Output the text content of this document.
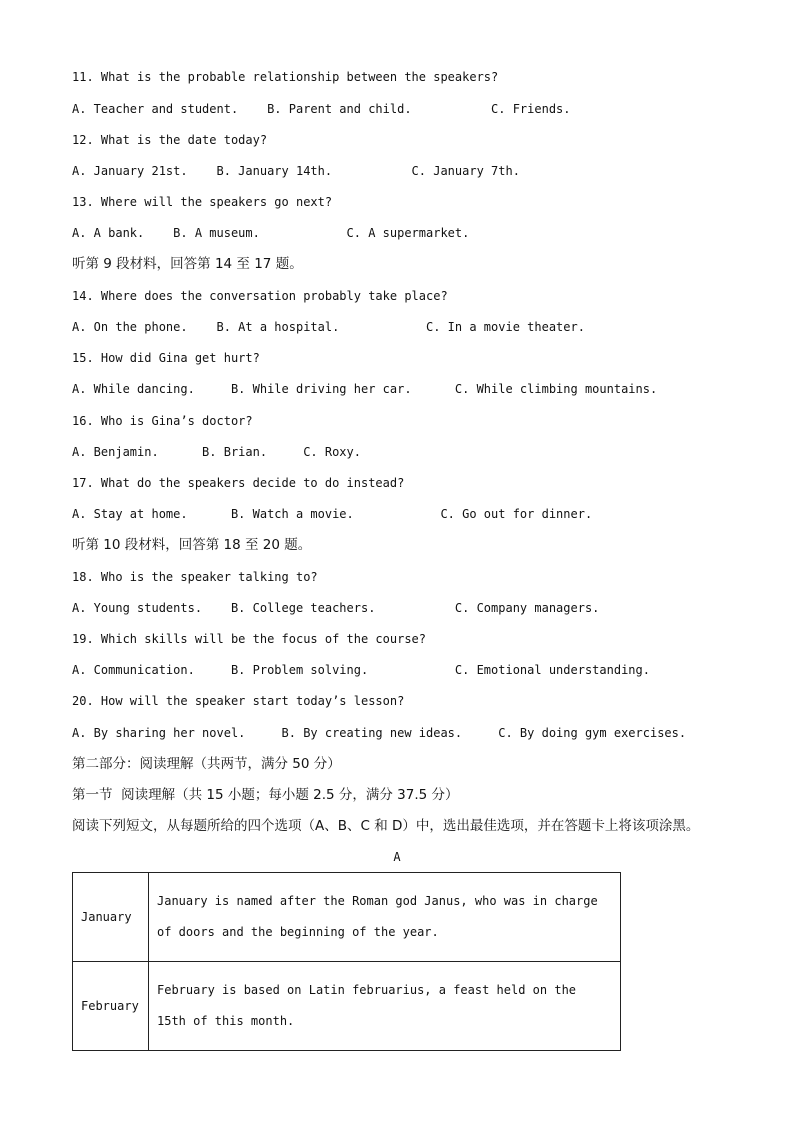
11. What is the probable relationship between the speakers?
A. Teacher and student.    B. Parent and child.           C. Friends.
12. What is the date today?
A. January 21st.    B. January 14th.           C. January 7th.
13. Where will the speakers go next?
A. A bank.    B. A museum.            C. A supermarket.
听第 9 段材料，回答第 14 至 17 题。
14. Where does the conversation probably take place?
A. On the phone.    B. At a hospital.            C. In a movie theater.
15. How did Gina get hurt?
A. While dancing.     B. While driving her car.      C. While climbing mountains.
16. Who is Gina’s doctor?
A. Benjamin.      B. Brian.     C. Roxy.
17. What do the speakers decide to do instead?
A. Stay at home.      B. Watch a movie.            C. Go out for dinner.
听第 10 段材料，回答第 18 至 20 题。
18. Who is the speaker talking to?
A. Young students.    B. College teachers.           C. Company managers.
19. Which skills will be the focus of the course?
A. Communication.     B. Problem solving.            C. Emotional understanding.
20. How will the speaker start today’s lesson?
A. By sharing her novel.     B. By creating new ideas.     C. By doing gym exercises.
第二部分：阅读理解（共两节，满分 50 分）
第一节  阅读理解（共 15 小题；每小题 2.5 分，满分 37.5 分）
阅读下列短文，从每题所给的四个选项（A、B、C 和 D）中，选出最佳选项，并在答题卡上将该项涂黑。
A
January	January is named after the Roman god Janus, who was in charge of doors and the beginning of the year.
February	February is based on Latin februarius, a feast held on the 15th of this month.
